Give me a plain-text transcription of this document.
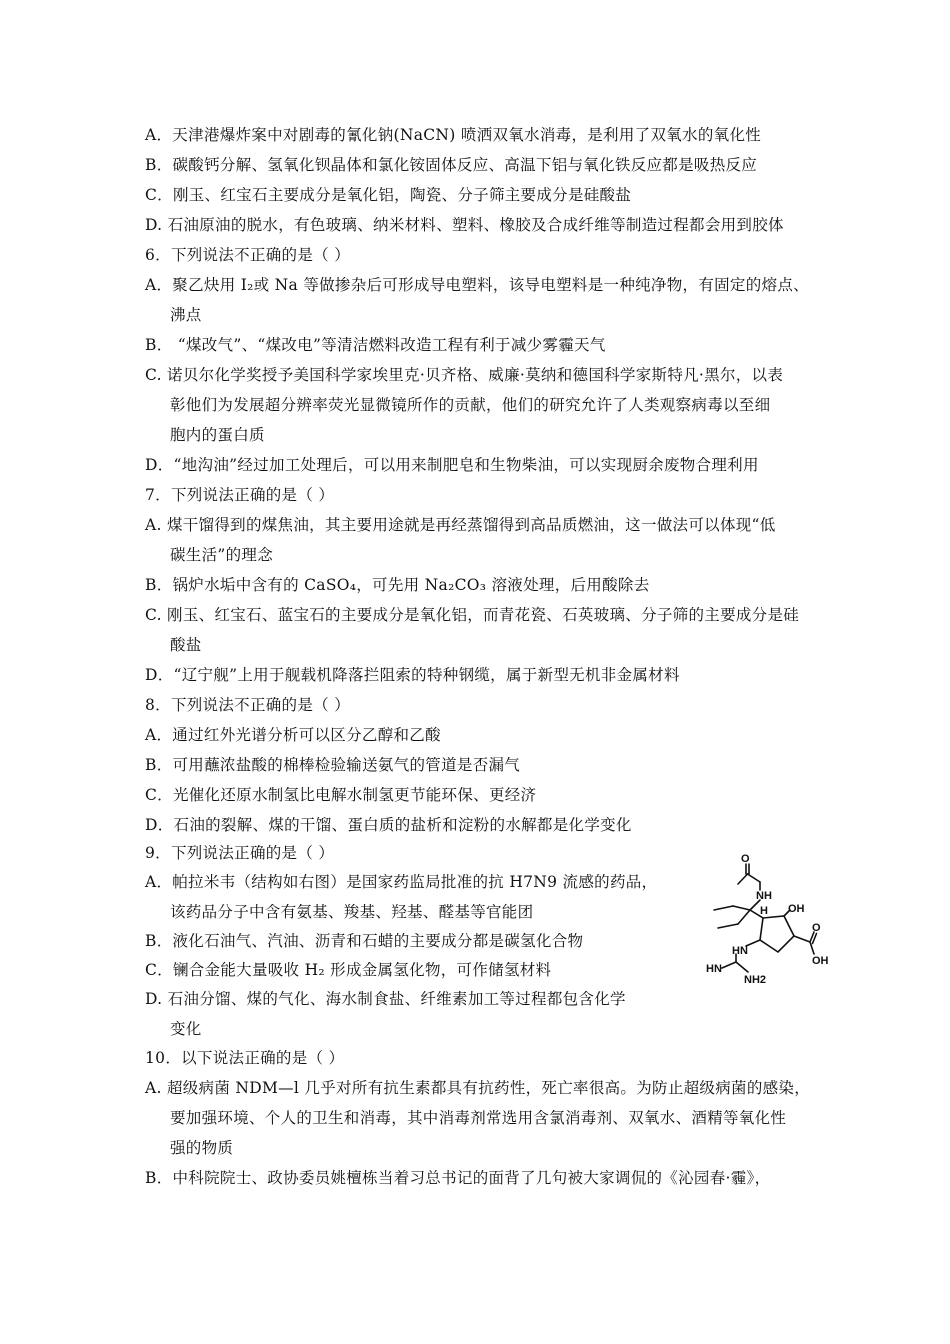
A．天津港爆炸案中对剧毒的氰化钠(NaCN) 喷洒双氧水消毒，是利用了双氧水的氧化性
B．碳酸钙分解、氢氧化钡晶体和氯化铵固体反应、高温下铝与氧化铁反应都是吸热反应
C．刚玉、红宝石主要成分是氧化铝，陶瓷、分子筛主要成分是硅酸盐
D. 石油原油的脱水，有色玻璃、纳米材料、塑料、橡胶及合成纤维等制造过程都会用到胶体
6．下列说法不正确的是（ ）
A．聚乙炔用 I₂或 Na 等做掺杂后可形成导电塑料，该导电塑料是一种纯净物，有固定的熔点、
沸点
B． “煤改气”、“煤改电”等清洁燃料改造工程有利于减少雾霾天气
C. 诺贝尔化学奖授予美国科学家埃里克·贝齐格、威廉·莫纳和德国科学家斯特凡·黑尔，以表
彰他们为发展超分辨率荧光显微镜所作的贡献，他们的研究允许了人类观察病毒以至细
胞内的蛋白质
D．“地沟油”经过加工处理后，可以用来制肥皂和生物柴油，可以实现厨余废物合理利用
7．下列说法正确的是（ ）
A. 煤干馏得到的煤焦油，其主要用途就是再经蒸馏得到高品质燃油，这一做法可以体现“低
碳生活”的理念
B．锅炉水垢中含有的 CaSO₄，可先用 Na₂CO₃ 溶液处理，后用酸除去
C. 刚玉、红宝石、蓝宝石的主要成分是氧化铝，而青花瓷、石英玻璃、分子筛的主要成分是硅
酸盐
D．“辽宁舰”上用于舰载机降落拦阻索的特种钢缆，属于新型无机非金属材料
8．下列说法不正确的是（ ）
A．通过红外光谱分析可以区分乙醇和乙酸
B．可用蘸浓盐酸的棉棒检验输送氨气的管道是否漏气
C．光催化还原水制氢比电解水制氢更节能环保、更经济
D．石油的裂解、煤的干馏、蛋白质的盐析和淀粉的水解都是化学变化
9．下列说法正确的是（ ）
A．帕拉米韦（结构如右图）是国家药监局批准的抗 H7N9 流感的药品，
该药品分子中含有氨基、羧基、羟基、醛基等官能团
B．液化石油气、汽油、沥青和石蜡的主要成分都是碳氢化合物
C．镧合金能大量吸收 H₂ 形成金属氢化物，可作储氢材料
D. 石油分馏、煤的气化、海水制食盐、纤维素加工等过程都包含化学
变化
10．以下说法正确的是（ ）
A. 超级病菌 NDM—l 几乎对所有抗生素都具有抗药性，死亡率很高。为防止超级病菌的感染，
要加强环境、个人的卫生和消毒，其中消毒剂常选用含氯消毒剂、双氧水、酒精等氧化性
强的物质
B．中科院院士、政协委员姚檀栋当着习总书记的面背了几句被大家调侃的《沁园春·霾》，
O
NH
H OH
O
OH
HN
HN
NH2
